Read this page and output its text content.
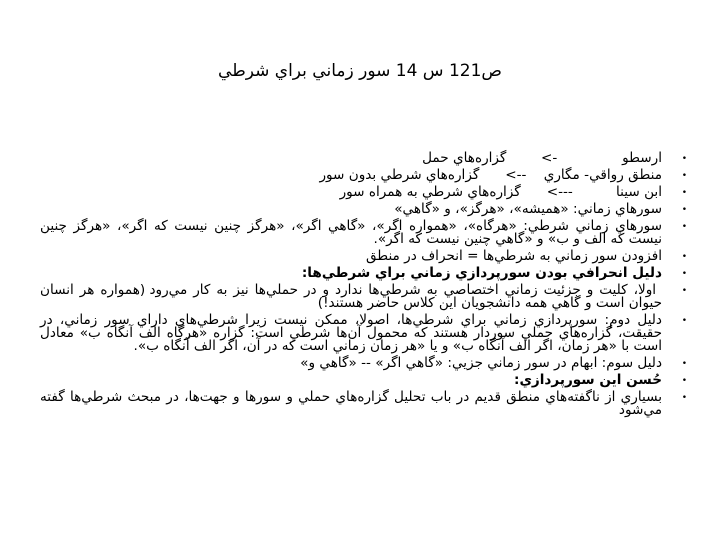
ص121 س 14 سور زماني براي شرطي
•
ارسطو               ->        گزاره‌هاي حمل
•
منطق رواقي- مگاري    -->      گزاره‌هاي شرطي بدون سور
•
ابن سينا          --->      گزاره‌هاي شرطي به همراه سور
•
سورهاي زماني: «هميشه»، «هرگز»، و «گاهي»
•
سورهاي زماني شرطي: «هرگاه»، «همواره اگر»، «گاهي اگر»، «هرگز چنين نيست كه اگر»، «هرگز چنين نيست كه الف و ب» و «گاهي چنين نيست كه اگر».
•
افزودن سور زماني به شرطي‌ها = انحراف در منطق
•
دليل انحرافي بودن سورپردازي زماني براي شرطي‌ها:
•
اولا، كليت و جزئيت زماني اختصاصي به شرطي‌ها ندارد و در حملي‌ها نيز به كار مي‌رود (همواره هر انسان حيوان است و گاهي همه دانشجويان اين كلاس حاضر هستند!)
•
دليل دوم: سورپردازي زماني براي شرطي‌ها، اصولا، ممكن نيست زيرا شرطي‌هاي داراي سور زماني، در حقيقت، گزاره‌هاي حملي سوردار هستند كه محمول آن‌ها شرطي است: گزاره «هرگاه الف آنگاه ب» معادل است با «هر زمان، اگر الف آنگاه ب» و يا «هر زمان زماني است كه در آن، اگر الف آنگاه ب».
•
دليل سوم: ابهام در سور زماني جزيي: «گاهي اگر» -- «گاهي و»
•
حُسن اين سورپردازي:
•
بسياري از ناگفته‌هاي منطق قديم در باب تحليل گزاره‌هاي حملي و سورها و جهت‌ها، در مبحث شرطي‌ها گفته مي‌شود
